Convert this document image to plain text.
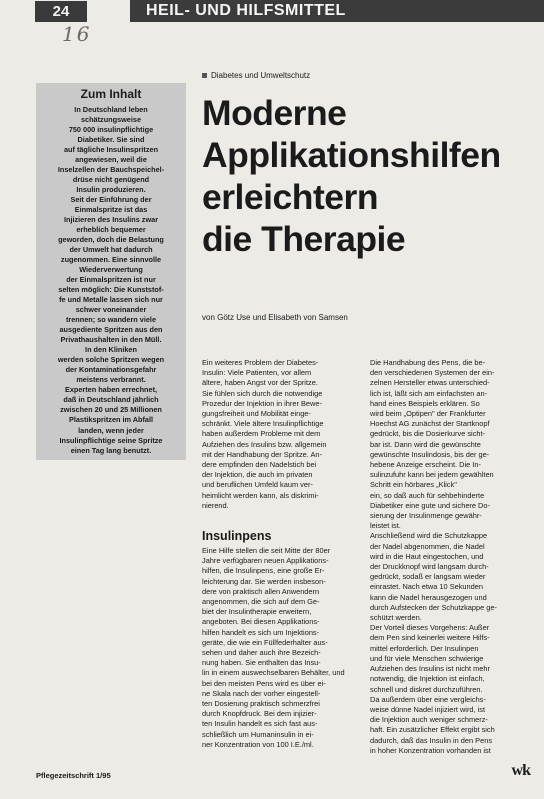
24
16
HEIL- UND HILFSMITTEL
Zum Inhalt
In Deutschland leben
schätzungsweise
750 000 insulinpflichtige
Diabetiker. Sie sind
auf tägliche Insulinspritzen
angewiesen, weil die
Inselzellen der Bauchspeichel-
drüse nicht genügend
Insulin produzieren.
Seit der Einführung der
Einmalspritze ist das
Injizieren des Insulins zwar
erheblich bequemer
geworden, doch die Belastung
der Umwelt hat dadurch
zugenommen. Eine sinnvolle
Wiederverwertung
der Einmalspritzen ist nur
selten möglich: Die Kunststof-
fe und Metalle lassen sich nur
schwer voneinander
trennen; so wandern viele
ausgediente Spritzen aus den
Privathaushalten in den Müll.
In den Kliniken
werden solche Spritzen wegen
der Kontaminationsgefahr
meistens verbrannt.
Experten haben errechnet,
daß in Deutschland jährlich
zwischen 20 und 25 Millionen
Plastikspritzen im Abfall
landen, wenn jeder
Insulinpflichtige seine Spritze
einen Tag lang benutzt.
Diabetes und Umweltschutz
Moderne
Applikationshilfen
erleichtern
die Therapie
von Götz Use und Elisabeth von Samsen
Ein weiteres Problem der Diabetes-
Insulin: Viele Patienten, vor allem
ältere, haben Angst vor der Spritze.
Sie fühlen sich durch die notwendige
Prozedur der Injektion in ihrer Bewe-
gungsfreiheit und Mobilität einge-
schränkt. Viele ältere Insulinpflichtige
haben außerdem Probleme mit dem
Aufziehen des Insulins bzw. allgemein
mit der Handhabung der Spritze. An-
dere empfinden den Nadelstich bei
der Injektion, die auch im privaten
und beruflichen Umfeld kaum ver-
heimlicht werden kann, als diskrimi-
nierend.
Insulinpens
Eine Hilfe stellen die seit Mitte der 80er
Jahre verfügbaren neuen Applikations-
hilfen, die Insulinpens, eine große Er-
leichterung dar. Sie werden insbeson-
dere von praktisch allen Anwendern
angenommen, die sich auf dem Ge-
biet der Insulintherapie erweitern,
angeboten. Bei diesen Applikations-
hilfen handelt es sich um Injektions-
geräte, die wie ein Füllfederhalter aus-
sehen und daher auch ihre Bezeich-
nung haben. Sie enthalten das Insu-
lin in einem auswechselbaren Behälter, und
bei den meisten Pens wird es über ei-
ne Skala nach der vorher eingestell-
ten Dosierung praktisch schmerzfrei
durch Knopfdruck. Bei dem injizier-
ten Insulin handelt es sich fast aus-
schließlich um Humaninsulin in ei-
ner Konzentration von 100 I.E./ml.
Die Handhabung des Pens, die be-
den verschiedenen Systemen der ein-
zelnen Hersteller etwas unterschied-
lich ist, läßt sich am einfachsten an-
hand eines Beispiels erklären. So
wird beim „Optipen" der Frankfurter
Hoechst AG zunächst der Startknopf
gedrückt, bis die Dosierkurve sicht-
bar ist. Dann wird die gewünschte
gewünschte Insulindosis, bis der ge-
hebene Anzeige erscheint. Die In-
sulinzufuhr kann bei jedem gewählten
Schritt ein hörbares „Klick"
ein, so daß auch für sehbehinderte
Diabetiker eine gute und sichere Do-
sierung der Insulinmenge gewähr-
leistet ist.
Anschließend wird die Schutzkappe
der Nadel abgenommen, die Nadel
wird in die Haut eingestochen, und
der Druckknopf wird langsam durch-
gedrückt, sodaß er langsam wieder
einrastet. Nach etwa 10 Sekunden
kann die Nadel herausgezogen und
durch Aufstecken der Schutzkappe ge-
schützt werden.
Der Vorteil dieses Vorgehens: Außer
dem Pen sind keinerlei weitere Hilfs-
mittel erforderlich. Der Insulinpen
und für viele Menschen schwierige
Aufziehen des Insulins ist nicht mehr
notwendig, die Injektion ist einfach,
schnell und diskret durchzuführen.
Da außerdem über eine vergleichs-
weise dünne Nadel injiziert wird, ist
die Injektion auch weniger schmerz-
haft. Ein zusätzlicher Effekt ergibt sich
dadurch, daß das Insulin in den Pens
in hoher Konzentration vorhanden ist
Pflegezeitschrift 1/95	wk
